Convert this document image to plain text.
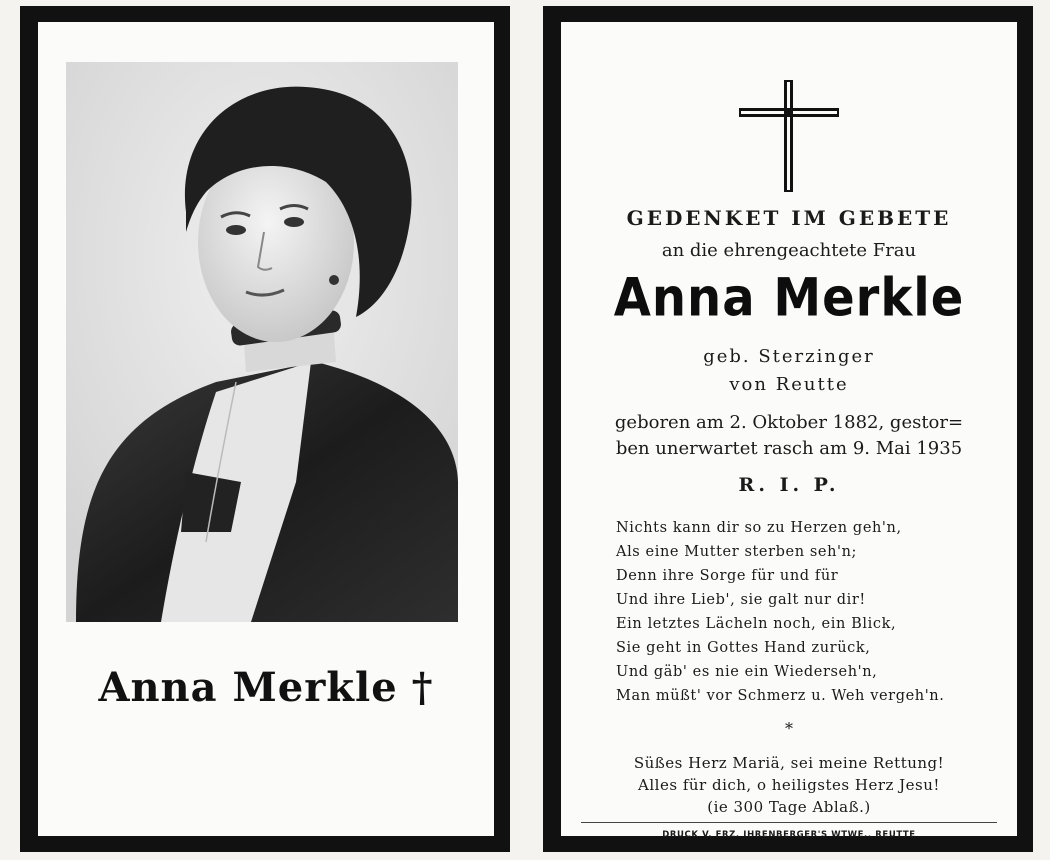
Anna Merkle †
GEDENKET IM GEBETE
an die ehrengeachtete Frau
Anna Merkle
geb. Sterzinger
von Reutte
geboren am 2. Oktober 1882, gestor=
ben unerwartet rasch am 9. Mai 1935
R. I. P.
Nichts kann dir so zu Herzen geh'n,
Als eine Mutter sterben seh'n;
Denn ihre Sorge für und für
Und ihre Lieb', sie galt nur dir!
Ein letztes Lächeln noch, ein Blick,
Sie geht in Gottes Hand zurück,
Und gäb' es nie ein Wiederseh'n,
Man müßt' vor Schmerz u. Weh vergeh'n.
*
Süßes Herz Mariä, sei meine Rettung!
Alles für dich, o heiligstes Herz Jesu!
(ie 300 Tage Ablaß.)
DRUCK V. FRZ. IHRENBERGER'S WTWE., REUTTE
